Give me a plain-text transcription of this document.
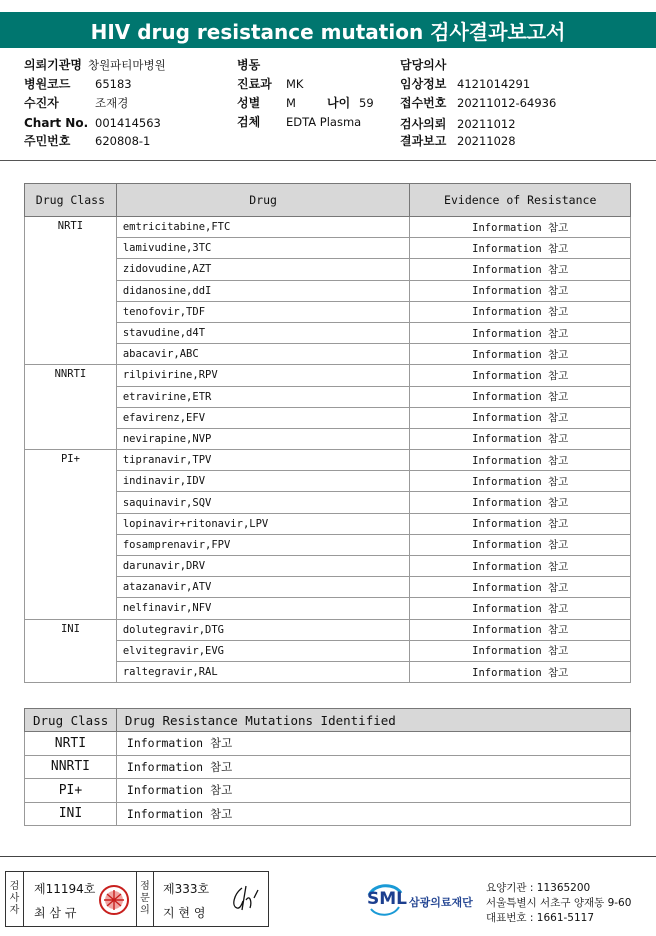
HIV drug resistance mutation 검사결과보고서
의뢰기관명 창원파티마병원
병원코드 65183
수진자	조재경
Chart No. 001414563
주민번호 620808-1
병동
진료과 MK
성별 M	나이 59
검체 EDTA Plasma
담당의사
임상정보 4121014291
접수번호 20211012-64936
검사의뢰 20211012
결과보고 20211028
Drug Class	Drug	Evidence of Resistance
NRTI	emtricitabine,FTC	Information 참고
	lamivudine,3TC	Information 참고
	zidovudine,AZT	Information 참고
	didanosine,ddI	Information 참고
	tenofovir,TDF	Information 참고
	stavudine,d4T	Information 참고
	abacavir,ABC	Information 참고
NNRTI	rilpivirine,RPV	Information 참고
	etravirine,ETR	Information 참고
	efavirenz,EFV	Information 참고
	nevirapine,NVP	Information 참고
PI+	tipranavir,TPV	Information 참고
	indinavir,IDV	Information 참고
	saquinavir,SQV	Information 참고
	lopinavir+ritonavir,LPV	Information 참고
	fosamprenavir,FPV	Information 참고
	darunavir,DRV	Information 참고
	atazanavir,ATV	Information 참고
	nelfinavir,NFV	Information 참고
INI	dolutegravir,DTG	Information 참고
	elvitegravir,EVG	Information 참고
	raltegravir,RAL	Information 참고
Drug Class	Drug Resistance Mutations Identified
NRTI	Information 참고
NNRTI	Information 참고
PI+	Information 참고
INI	Information 참고
검
사
자
제11194호
최 삼 규
점
문
의
제333호
지 현 영
SML 삼광의료재단
요양기관 : 11365200
서울특별시 서초구 양재동 9-60
대표번호 : 1661-5117
